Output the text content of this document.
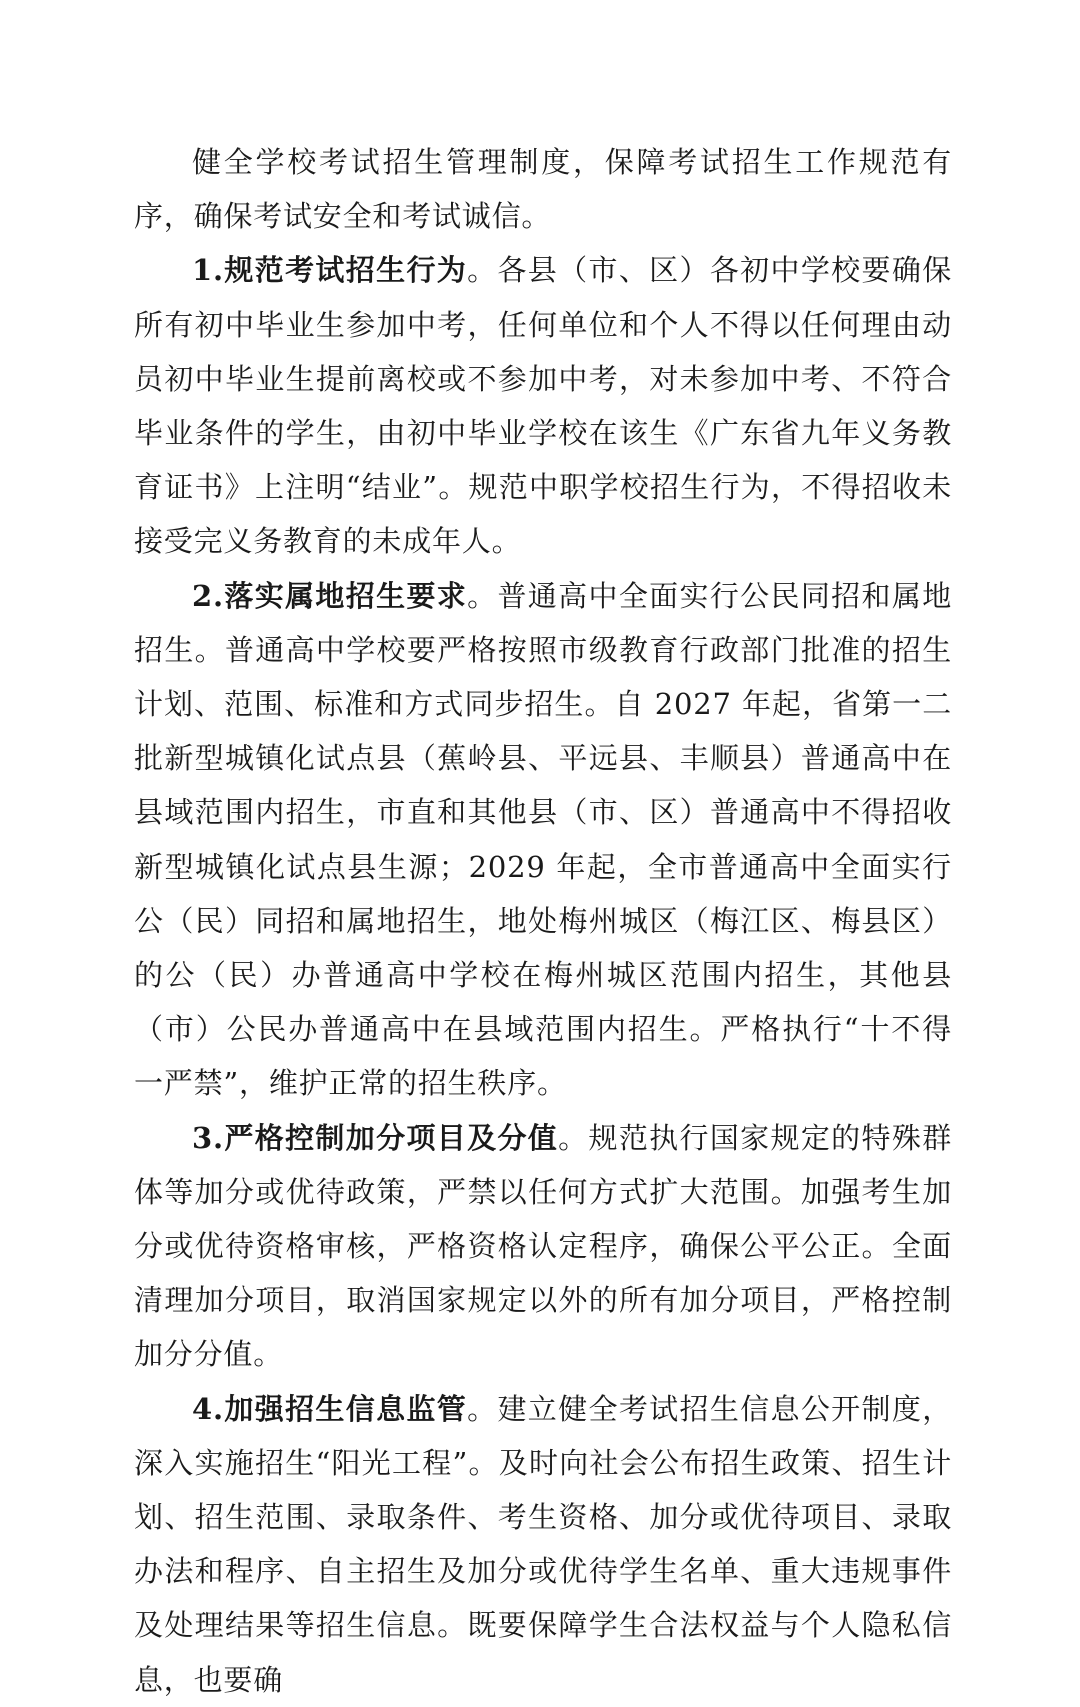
健全学校考试招生管理制度，保障考试招生工作规范有序，确保考试安全和考试诚信。

1.规范考试招生行为。各县（市、区）各初中学校要确保所有初中毕业生参加中考，任何单位和个人不得以任何理由动员初中毕业生提前离校或不参加中考，对未参加中考、不符合毕业条件的学生，由初中毕业学校在该生《广东省九年义务教育证书》上注明“结业”。规范中职学校招生行为，不得招收未接受完义务教育的未成年人。

2.落实属地招生要求。普通高中全面实行公民同招和属地招生。普通高中学校要严格按照市级教育行政部门批准的招生计划、范围、标准和方式同步招生。自 2027 年起，省第一二批新型城镇化试点县（蕉岭县、平远县、丰顺县）普通高中在县域范围内招生，市直和其他县（市、区）普通高中不得招收新型城镇化试点县生源；2029 年起，全市普通高中全面实行公（民）同招和属地招生，地处梅州城区（梅江区、梅县区）的公（民）办普通高中学校在梅州城区范围内招生，其他县（市）公民办普通高中在县域范围内招生。严格执行“十不得一严禁”，维护正常的招生秩序。

3.严格控制加分项目及分值。规范执行国家规定的特殊群体等加分或优待政策，严禁以任何方式扩大范围。加强考生加分或优待资格审核，严格资格认定程序，确保公平公正。全面清理加分项目，取消国家规定以外的所有加分项目，严格控制加分分值。

4.加强招生信息监管。建立健全考试招生信息公开制度，深入实施招生“阳光工程”。及时向社会公布招生政策、招生计划、招生范围、录取条件、考生资格、加分或优待项目、录取办法和程序、自主招生及加分或优待学生名单、重大违规事件及处理结果等招生信息。既要保障学生合法权益与个人隐私信息，也要确
